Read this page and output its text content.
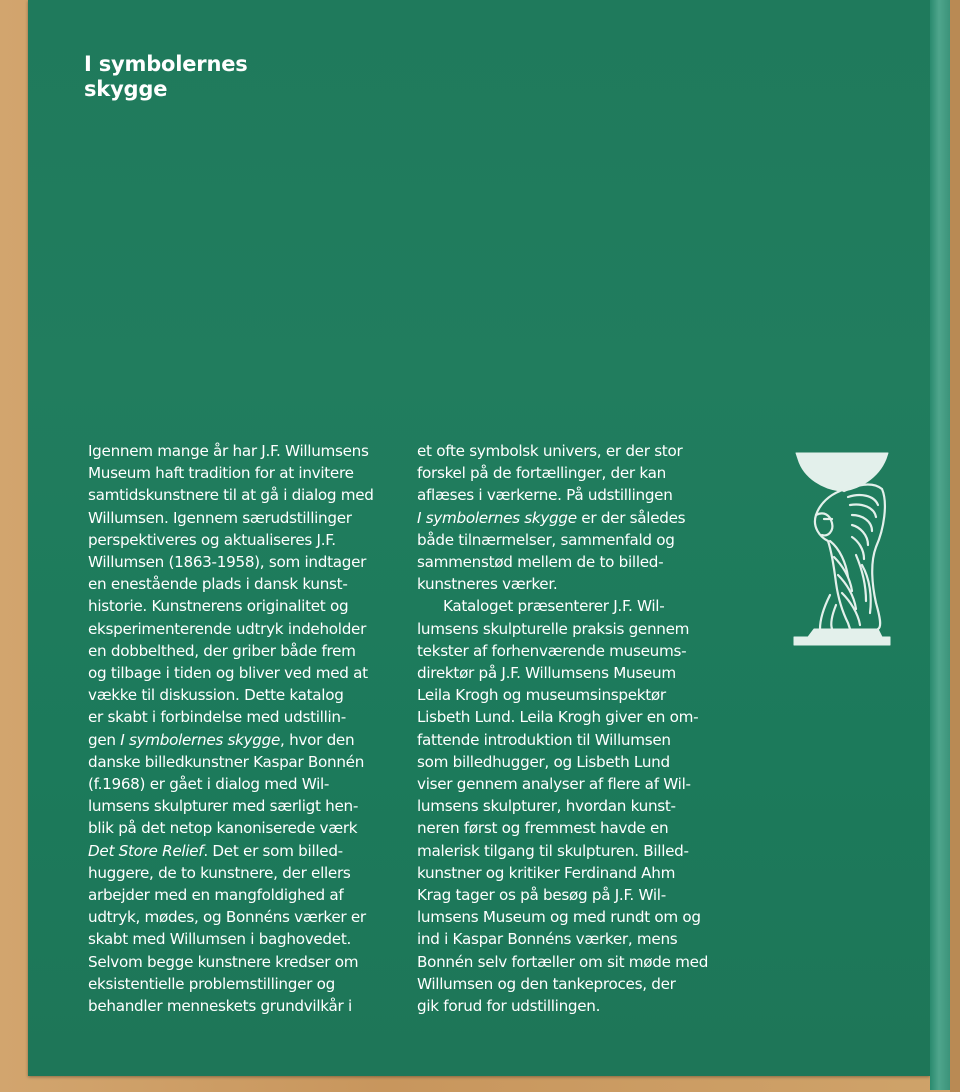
I symbolernes
skygge
Igennem mange år har J.F. Willumsens
Museum haft tradition for at invitere
samtidskunstnere til at gå i dialog med
Willumsen. Igennem særudstillinger
perspektiveres og aktualiseres J.F.
Willumsen (1863-1958), som indtager
en enestående plads i dansk kunst-
historie. Kunstnerens originalitet og
eksperimenterende udtryk indeholder
en dobbelthed, der griber både frem
og tilbage i tiden og bliver ved med at
vække til diskussion. Dette katalog
er skabt i forbindelse med udstillin-
gen I symbolernes skygge, hvor den
danske billedkunstner Kaspar Bonnén
(f.1968) er gået i dialog med Wil-
lumsens skulpturer med særligt hen-
blik på det netop kanoniserede værk
Det Store Relief. Det er som billed-
huggere, de to kunstnere, der ellers
arbejder med en mangfoldighed af
udtryk, mødes, og Bonnéns værker er
skabt med Willumsen i baghovedet.
Selvom begge kunstnere kredser om
eksistentielle problemstillinger og
behandler menneskets grundvilkår i
et ofte symbolsk univers, er der stor
forskel på de fortællinger, der kan
aflæses i værkerne. På udstillingen
I symbolernes skygge er der således
både tilnærmelser, sammenfald og
sammenstød mellem de to billed-
kunstneres værker.
Kataloget præsenterer J.F. Wil-
lumsens skulpturelle praksis gennem
tekster af forhenværende museums-
direktør på J.F. Willumsens Museum
Leila Krogh og museumsinspektør
Lisbeth Lund. Leila Krogh giver en om-
fattende introduktion til Willumsen
som billedhugger, og Lisbeth Lund
viser gennem analyser af flere af Wil-
lumsens skulpturer, hvordan kunst-
neren først og fremmest havde en
malerisk tilgang til skulpturen. Billed-
kunstner og kritiker Ferdinand Ahm
Krag tager os på besøg på J.F. Wil-
lumsens Museum og med rundt om og
ind i Kaspar Bonnéns værker, mens
Bonnén selv fortæller om sit møde med
Willumsen og den tankeproces, der
gik forud for udstillingen.
